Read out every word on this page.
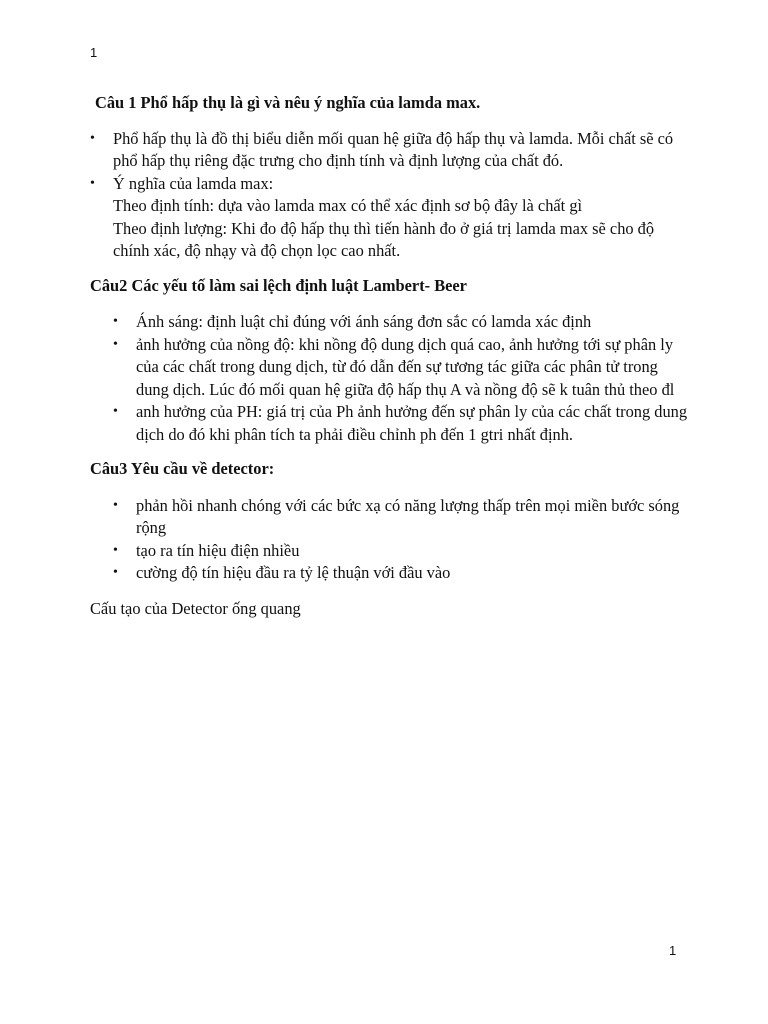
1

Câu 1 Phổ hấp thụ là gì và nêu ý nghĩa của lamda max.

• Phổ hấp thụ là đồ thị biểu diễn mối quan hệ giữa độ hấp thụ và lamda. Mỗi chất sẽ có phổ hấp thụ riêng đặc trưng cho định tính và định lượng của chất đó.
• Ý nghĩa của lamda max:
Theo định tính: dựa vào lamda max có thể xác định sơ bộ đây là chất gì
Theo định lượng: Khi đo độ hấp thụ thì tiến hành đo ở giá trị lamda max sẽ cho độ chính xác, độ nhạy và độ chọn lọc cao nhất.

Câu2 Các yếu tố làm sai lệch định luật Lambert- Beer

• Ánh sáng: định luật chỉ đúng với ánh sáng đơn sắc có lamda xác định
• ảnh hưởng của nồng độ: khi nồng độ dung dịch quá cao, ảnh hưởng tới sự phân ly của các chất trong dung dịch, từ đó dẫn đến sự tương tác giữa các phân tử trong dung dịch. Lúc đó mối quan hệ giữa độ hấp thụ A và nồng độ sẽ k tuân thủ theo đl
• anh hưởng của PH: giá trị của Ph ảnh hưởng đến sự phân ly của các chất trong dung dịch do đó khi phân tích ta phải điều chỉnh ph đến 1 gtri nhất định.

Câu3 Yêu cầu về detector:

• phản hồi nhanh chóng với các bức xạ có năng lượng thấp trên mọi miền bước sóng rộng
• tạo ra tín hiệu điện nhiều
• cường độ tín hiệu đầu ra tỷ lệ thuận với đầu vào

Cấu tạo của Detector ống quang

1
